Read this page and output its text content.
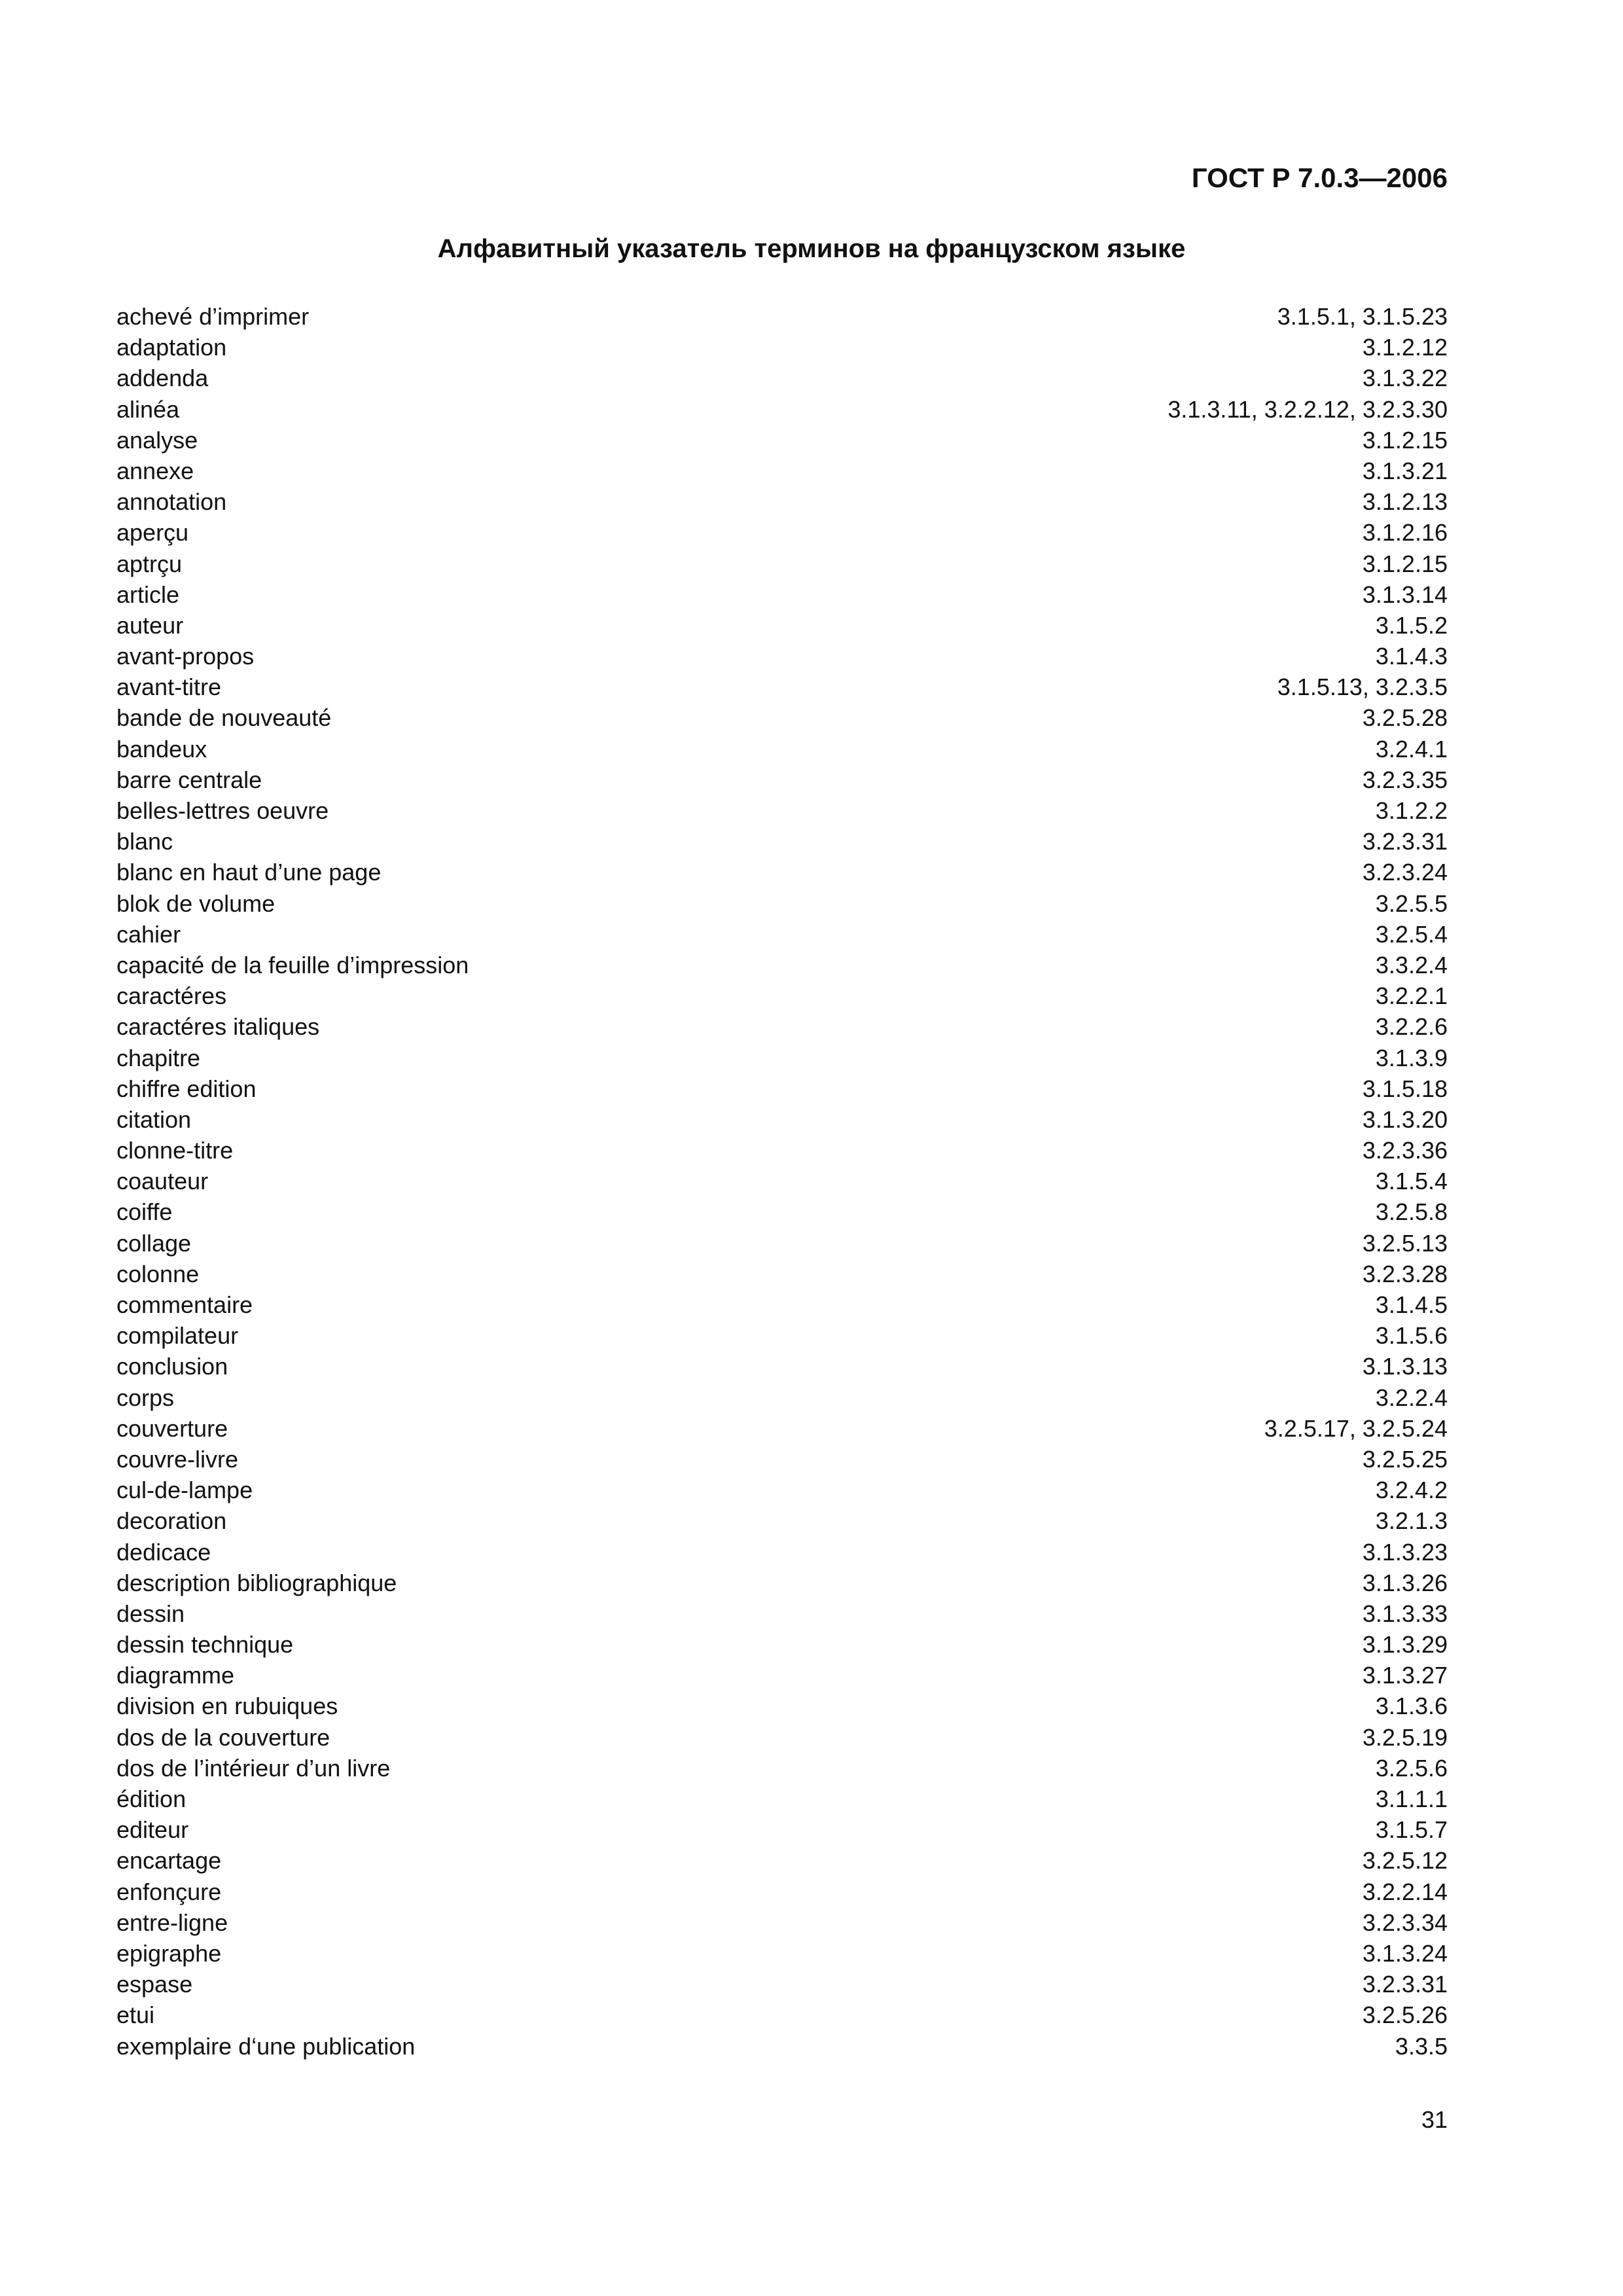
ГОСТ Р 7.0.3—2006
Алфавитный указатель терминов на французском языке
achevé d’imprimer	3.1.5.1, 3.1.5.23
adaptation	3.1.2.12
addenda	3.1.3.22
alinéa	3.1.3.11, 3.2.2.12, 3.2.3.30
analyse	3.1.2.15
annexe	3.1.3.21
annotation	3.1.2.13
aperçu	3.1.2.16
aptrçu	3.1.2.15
article	3.1.3.14
auteur	3.1.5.2
avant-propos	3.1.4.3
avant-titre	3.1.5.13, 3.2.3.5
bande de nouveauté	3.2.5.28
bandeux	3.2.4.1
barre centrale	3.2.3.35
belles-lettres oeuvre	3.1.2.2
blanc	3.2.3.31
blanc en haut d’une page	3.2.3.24
blok de volume	3.2.5.5
cahier	3.2.5.4
capacité de la feuille d’impression	3.3.2.4
caractéres	3.2.2.1
caractéres italiques	3.2.2.6
chapitre	3.1.3.9
chiffre edition	3.1.5.18
citation	3.1.3.20
clonne-titre	3.2.3.36
coauteur	3.1.5.4
coiffe	3.2.5.8
collage	3.2.5.13
colonne	3.2.3.28
commentaire	3.1.4.5
compilateur	3.1.5.6
conclusion	3.1.3.13
corps	3.2.2.4
couverture	3.2.5.17, 3.2.5.24
couvre-livre	3.2.5.25
cul-de-lampe	3.2.4.2
decoration	3.2.1.3
dedicace	3.1.3.23
description bibliographique	3.1.3.26
dessin	3.1.3.33
dessin technique	3.1.3.29
diagramme	3.1.3.27
division en rubuiques	3.1.3.6
dos de la couverture	3.2.5.19
dos de l’intérieur d’un livre	3.2.5.6
édition	3.1.1.1
editeur	3.1.5.7
encartage	3.2.5.12
enfonçure	3.2.2.14
entre-ligne	3.2.3.34
epigraphe	3.1.3.24
espase	3.2.3.31
etui	3.2.5.26
exemplaire d‘une publication	3.3.5
31
